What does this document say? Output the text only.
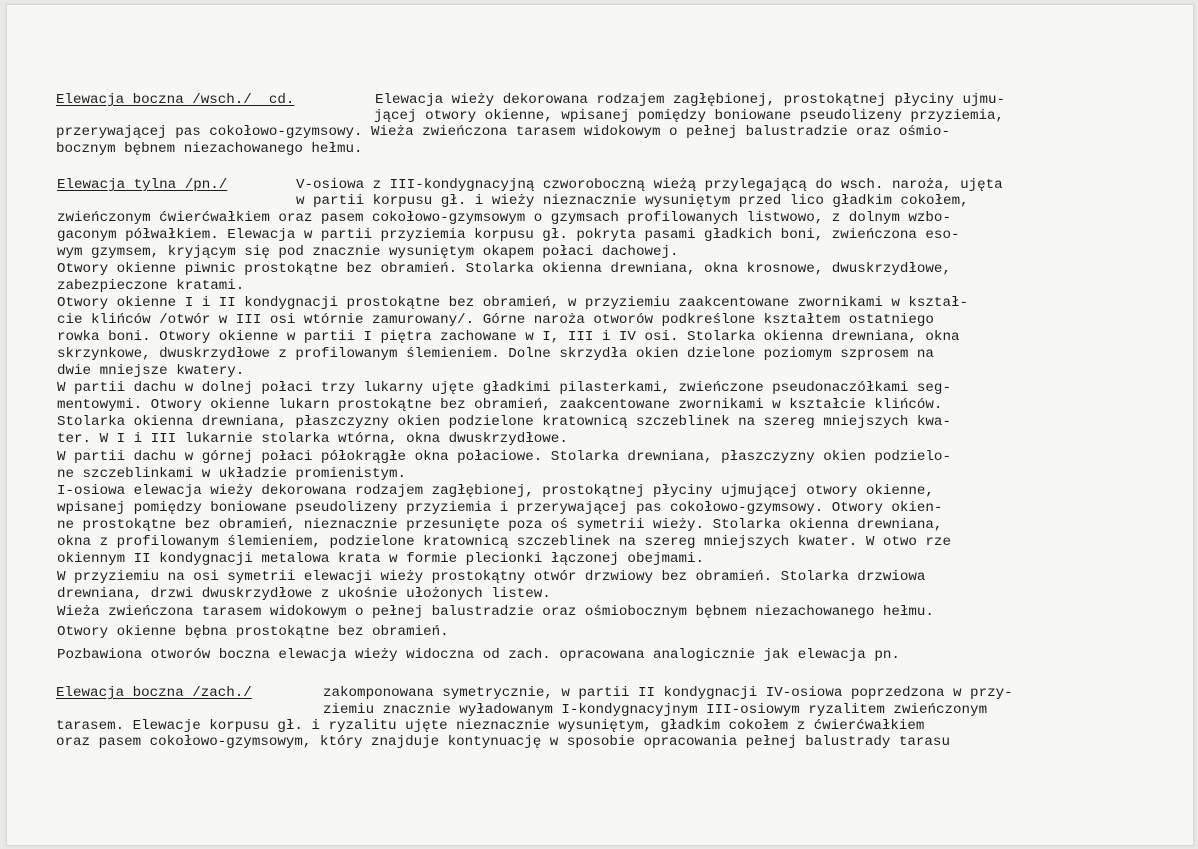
Elewacja boczna /wsch./  cd.	Elewacja wieży dekorowana rodzajem zagłębionej, prostokątnej płyciny ujmu-
jącej otwory okienne, wpisanej pomiędzy boniowane pseudolizeny przyziemia,
przerywającej pas cokołowo-gzymsowy. Wieża zwieńczona tarasem widokowym o pełnej balustradzie oraz ośmio-
bocznym bębnem niezachowanego hełmu.
Elewacja tylna /pn./	V-osiowa z III-kondygnacyjną czworoboczną wieżą przylegającą do wsch. naroża, ujęta
w partii korpusu gł. i wieży nieznacznie wysuniętym przed lico gładkim cokołem,
zwieńczonym ćwierćwałkiem oraz pasem cokołowo-gzymsowym o gzymsach profilowanych listwowo, z dolnym wzbo-
gaconym półwałkiem. Elewacja w partii przyziemia korpusu gł. pokryta pasami gładkich boni, zwieńczona eso-
wym gzymsem, kryjącym się pod znacznie wysuniętym okapem połaci dachowej.
Otwory okienne piwnic prostokątne bez obramień. Stolarka okienna drewniana, okna krosnowe, dwuskrzydłowe,
zabezpieczone kratami.
Otwory okienne I i II kondygnacji prostokątne bez obramień, w przyziemiu zaakcentowane zwornikami w kształ-
cie klińców /otwór w III osi wtórnie zamurowany/. Górne naroża otworów podkreślone kształtem ostatniego
rowka boni. Otwory okienne w partii I piętra zachowane w I, III i IV osi. Stolarka okienna drewniana, okna
skrzynkowe, dwuskrzydłowe z profilowanym ślemieniem. Dolne skrzydła okien dzielone poziomym szprosem na
dwie mniejsze kwatery.
W partii dachu w dolnej połaci trzy lukarny ujęte gładkimi pilasterkami, zwieńczone pseudonaczółkami seg-
mentowymi. Otwory okienne lukarn prostokątne bez obramień, zaakcentowane zwornikami w kształcie klińców.
Stolarka okienna drewniana, płaszczyzny okien podzielone kratownicą szczeblinek na szereg mniejszych kwa-
ter. W I i III lukarnie stolarka wtórna, okna dwuskrzydłowe.
W partii dachu w górnej połaci półokrągłe okna połaciowe. Stolarka drewniana, płaszczyzny okien podzielo-
ne szczeblinkami w układzie promienistym.
I-osiowa elewacja wieży dekorowana rodzajem zagłębionej, prostokątnej płyciny ujmującej otwory okienne,
wpisanej pomiędzy boniowane pseudolizeny przyziemia i przerywającej pas cokołowo-gzymsowy. Otwory okien-
ne prostokątne bez obramień, nieznacznie przesunięte poza oś symetrii wieży. Stolarka okienna drewniana,
okna z profilowanym ślemieniem, podzielone kratownicą szczeblinek na szereg mniejszych kwater. W otwo rze
okiennym II kondygnacji metalowa krata w formie plecionki łączonej obejmami.
W przyziemiu na osi symetrii elewacji wieży prostokątny otwór drzwiowy bez obramień. Stolarka drzwiowa
drewniana, drzwi dwuskrzydłowe z ukośnie ułożonych listew.
Wieża zwieńczona tarasem widokowym o pełnej balustradzie oraz ośmiobocznym bębnem niezachowanego hełmu.
Otwory okienne bębna prostokątne bez obramień.
Pozbawiona otworów boczna elewacja wieży widoczna od zach. opracowana analogicznie jak elewacja pn.
Elewacja boczna /zach./	zakomponowana symetrycznie, w partii II kondygnacji IV-osiowa poprzedzona w przy-
ziemiu znacznie wyładowanym I-kondygnacyjnym III-osiowym ryzalitem zwieńczonym
tarasem. Elewacje korpusu gł. i ryzalitu ujęte nieznacznie wysuniętym, gładkim cokołem z ćwierćwałkiem
oraz pasem cokołowo-gzymsowym, który znajduje kontynuację w sposobie opracowania pełnej balustrady tarasu
